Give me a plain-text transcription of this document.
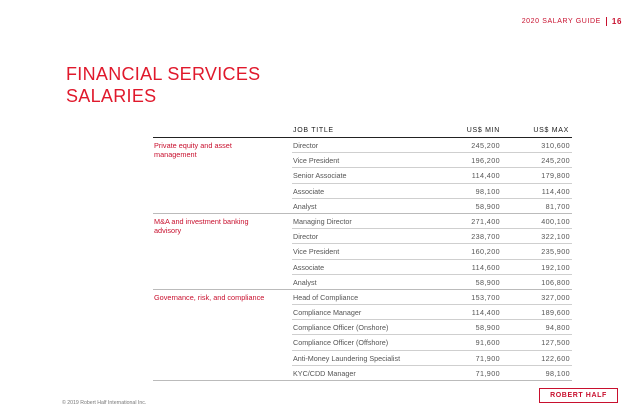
2020 SALARY GUIDE 16
FINANCIAL SERVICES
SALARIES
JOB TITLE	US$ MIN	US$ MAX
Private equity and asset management
Director	245,200	310,600
Vice President	196,200	245,200
Senior Associate	114,400	179,800
Associate	98,100	114,400
Analyst	58,900	81,700
M&A and investment banking advisory
Managing Director	271,400	400,100
Director	238,700	322,100
Vice President	160,200	235,900
Associate	114,600	192,100
Analyst	58,900	106,800
Governance, risk, and compliance	Head of Compliance	153,700	327,000
Compliance Manager	114,400	189,600
Compliance Officer (Onshore)	58,900	94,800
Compliance Officer (Offshore)	91,600	127,500
Anti-Money Laundering Specialist	71,900	122,600
KYC/CDD Manager	71,900	98,100
© 2019 Robert Half International Inc.
ROBERT HALF
